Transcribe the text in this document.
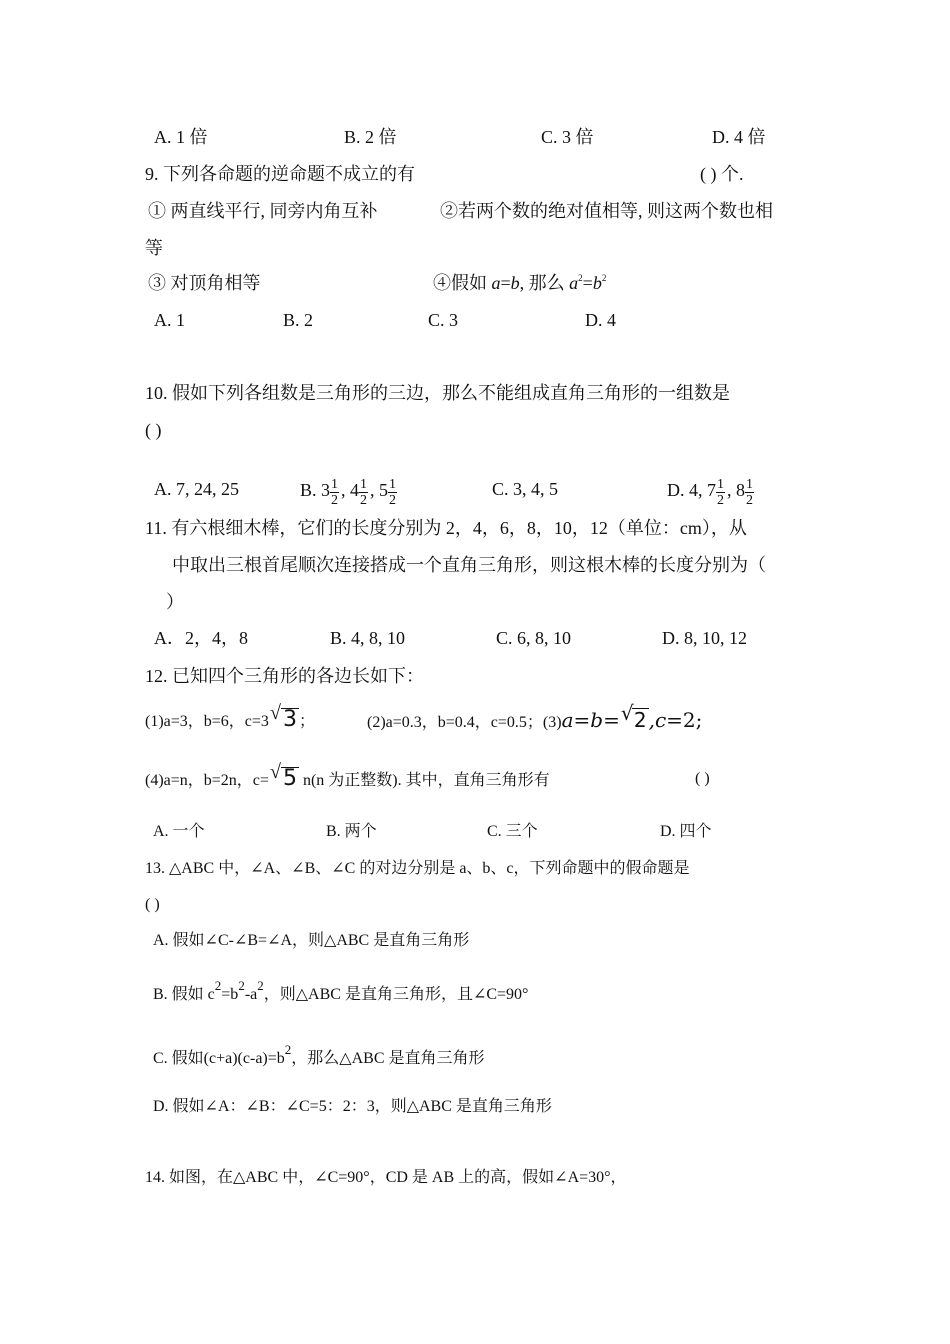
A. 1 倍	B. 2 倍	C. 3 倍	D. 4 倍
9. 下列各命题的逆命题不成立的有	( ) 个.
① 两直线平行, 同旁内角互补	②若两个数的绝对值相等, 则这两个数也相
等
③ 对顶角相等	④假如 a=b, 那么 $a^2=b^2$
A. 1	B. 2	C. 3	D. 4
10. 假如下列各组数是三角形的三边，那么不能组成直角三角形的一组数是
( )
A. 7, 24, 25	B. $3 \frac{1}{2}$ , $4 \frac{1}{2}$ , $5 \frac{1}{2}$	C. 3, 4, 5	D. 4, $7 \frac{1}{2}$ , $8 \frac{1}{2}$
11. 有六根细木棒，它们的长度分别为 2，4，6，8，10，12（单位：cm），从
中取出三根首尾顺次连接搭成一个直角三角形，则这根木棒的长度分别为（
）
A．2，4，8	B. 4, 8, 10	C. 6, 8, 10	D. 8, 10, 12
12. 已知四个三角形的各边长如下：
(1)a=3，b=6，c=3 √ 3 ；	(2)a=0.3，b=0.4，c=0.5；(3)a=b= √ 2 ,c=2;
(4)a=n，b=2n，c= √ 5 n(n 为正整数). 其中，直角三角形有	( )
A. 一个	B. 两个	C. 三个	D. 四个
13. △ABC 中，∠A、∠B、∠C 的对边分别是 a、b、c，下列命题中的假命题是
( )
A. 假如∠C-∠B=∠A，则△ABC 是直角三角形
B. 假如 $c^2=b^2-a^2$，则△ABC 是直角三角形，且∠C=90°
C. 假如$(c+a)(c-a)=b^2$，那么△ABC 是直角三角形
D. 假如∠A：∠B：∠C=5：2：3，则△ABC 是直角三角形
14. 如图，在△ABC 中，∠C=90°，CD 是 AB 上的高，假如∠A=30°，
